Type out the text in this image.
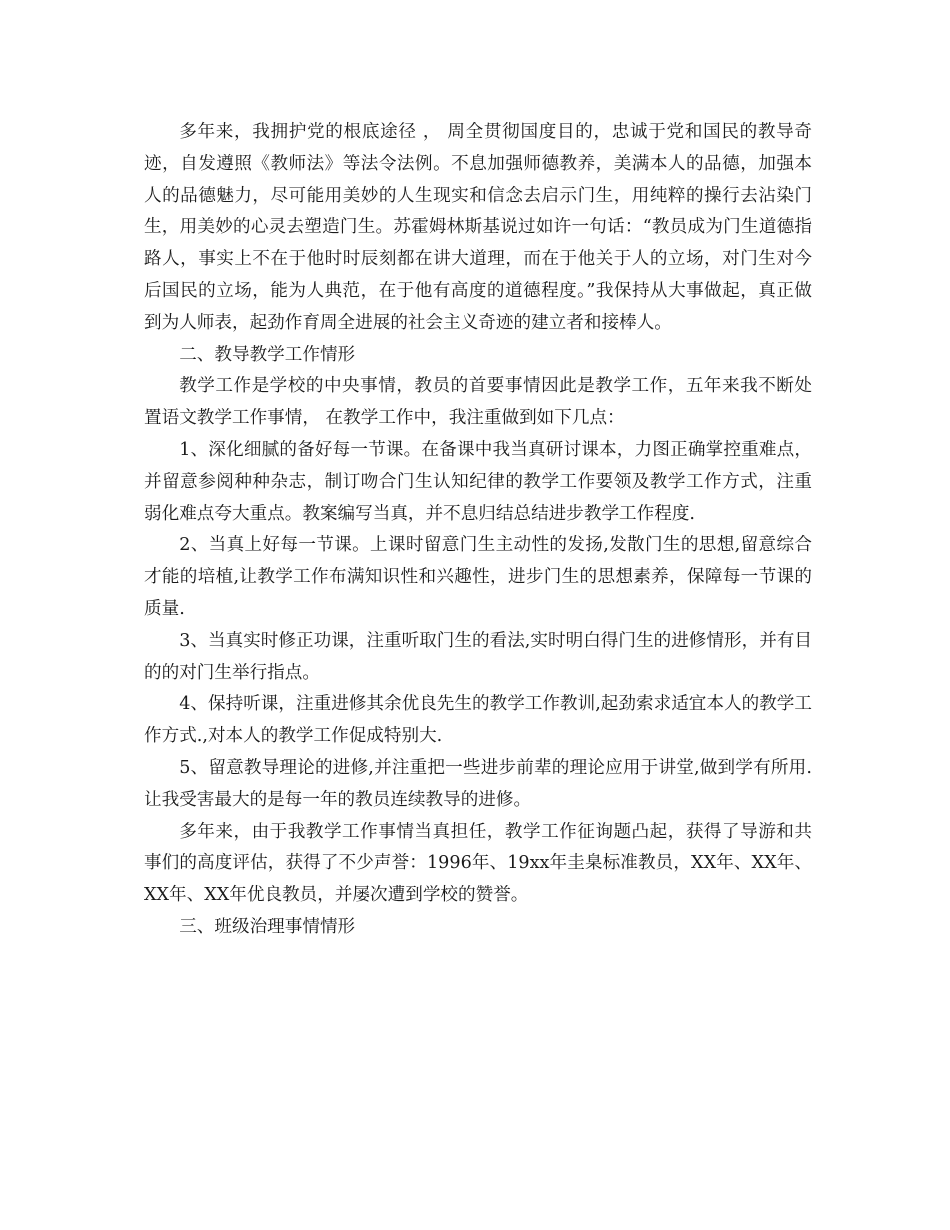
多年来，我拥护党的根底途径 ， 周全贯彻国度目的，忠诚于党和国民的教导奇迹，自发遵照《教师法》等法令法例。不息加强师德教养，美满本人的品德，加强本人的品德魅力，尽可能用美妙的人生现实和信念去启示门生，用纯粹的操行去沾染门生，用美妙的心灵去塑造门生。苏霍姆林斯基说过如许一句话：“教员成为门生道德指路人，事实上不在于他时时辰刻都在讲大道理，而在于他关于人的立场，对门生对今后国民的立场，能为人典范，在于他有高度的道德程度。”我保持从大事做起，真正做到为人师表，起劲作育周全进展的社会主义奇迹的建立者和接棒人。

二、教导教学工作情形

教学工作是学校的中央事情，教员的首要事情因此是教学工作，五年来我不断处置语文教学工作事情， 在教学工作中，我注重做到如下几点：

1、深化细腻的备好每一节课。在备课中我当真研讨课本，力图正确掌控重难点，并留意参阅种种杂志，制订吻合门生认知纪律的教学工作要领及教学工作方式，注重弱化难点夸大重点。教案编写当真，并不息归结总结进步教学工作程度.

2、当真上好每一节课。上课时留意门生主动性的发扬,发散门生的思想,留意综合才能的培植,让教学工作布满知识性和兴趣性，进步门生的思想素养，保障每一节课的质量.

3、当真实时修正功课，注重听取门生的看法,实时明白得门生的进修情形，并有目的的对门生举行指点。

4、保持听课，注重进修其余优良先生的教学工作教训,起劲索求适宜本人的教学工作方式.,对本人的教学工作促成特别大.

5、留意教导理论的进修,并注重把一些进步前辈的理论应用于讲堂,做到学有所用. 让我受害最大的是每一年的教员连续教导的进修。

多年来，由于我教学工作事情当真担任，教学工作征询题凸起，获得了导游和共事们的高度评估，获得了不少声誉：1996年、19xx年圭臬标准教员，XX年、XX年、XX年、XX年优良教员，并屡次遭到学校的赞誉。

三、班级治理事情情形
